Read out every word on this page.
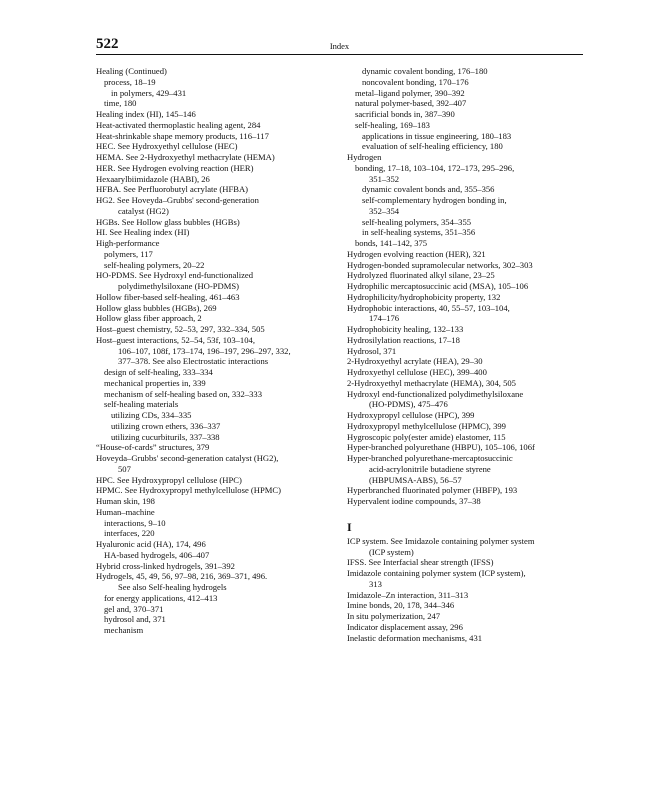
522	Index
Healing (Continued)
process, 18–19
in polymers, 429–431
time, 180
Healing index (HI), 145–146
Heat-activated thermoplastic healing agent, 284
Heat-shrinkable shape memory products, 116–117
HEC. See Hydroxyethyl cellulose (HEC)
HEMA. See 2-Hydroxyethyl methacrylate (HEMA)
HER. See Hydrogen evolving reaction (HER)
Hexaarylbiimidazole (HABI), 26
HFBA. See Perfluorobutyl acrylate (HFBA)
HG2. See Hoveyda–Grubbs' second-generation
catalyst (HG2)
HGBs. See Hollow glass bubbles (HGBs)
HI. See Healing index (HI)
High-performance
polymers, 117
self-healing polymers, 20–22
HO-PDMS. See Hydroxyl end-functionalized
polydimethylsiloxane (HO-PDMS)
Hollow fiber-based self-healing, 461–463
Hollow glass bubbles (HGBs), 269
Hollow glass fiber approach, 2
Host–guest chemistry, 52–53, 297, 332–334, 505
Host–guest interactions, 52–54, 53f, 103–104,
106–107, 108f, 173–174, 196–197, 296–297, 332,
377–378. See also Electrostatic interactions
design of self-healing, 333–334
mechanical properties in, 339
mechanism of self-healing based on, 332–333
self-healing materials
utilizing CDs, 334–335
utilizing crown ethers, 336–337
utilizing cucurbiturils, 337–338
“House-of-cards” structures, 379
Hoveyda–Grubbs' second-generation catalyst (HG2),
507
HPC. See Hydroxypropyl cellulose (HPC)
HPMC. See Hydroxypropyl methylcellulose (HPMC)
Human skin, 198
Human–machine
interactions, 9–10
interfaces, 220
Hyaluronic acid (HA), 174, 496
HA-based hydrogels, 406–407
Hybrid cross-linked hydrogels, 391–392
Hydrogels, 45, 49, 56, 97–98, 216, 369–371, 496.
See also Self-healing hydrogels
for energy applications, 412–413
gel and, 370–371
hydrosol and, 371
mechanism
dynamic covalent bonding, 176–180
noncovalent bonding, 170–176
metal–ligand polymer, 390–392
natural polymer-based, 392–407
sacrificial bonds in, 387–390
self-healing, 169–183
applications in tissue engineering, 180–183
evaluation of self-healing efficiency, 180
Hydrogen
bonding, 17–18, 103–104, 172–173, 295–296,
351–352
dynamic covalent bonds and, 355–356
self-complementary hydrogen bonding in,
352–354
self-healing polymers, 354–355
in self-healing systems, 351–356
bonds, 141–142, 375
Hydrogen evolving reaction (HER), 321
Hydrogen-bonded supramolecular networks, 302–303
Hydrolyzed fluorinated alkyl silane, 23–25
Hydrophilic mercaptosuccinic acid (MSA), 105–106
Hydrophilicity/hydrophobicity property, 132
Hydrophobic interactions, 40, 55–57, 103–104,
174–176
Hydrophobicity healing, 132–133
Hydrosilylation reactions, 17–18
Hydrosol, 371
2-Hydroxyethyl acrylate (HEA), 29–30
Hydroxyethyl cellulose (HEC), 399–400
2-Hydroxyethyl methacrylate (HEMA), 304, 505
Hydroxyl end-functionalized polydimethylsiloxane
(HO-PDMS), 475–476
Hydroxypropyl cellulose (HPC), 399
Hydroxypropyl methylcellulose (HPMC), 399
Hygroscopic poly(ester amide) elastomer, 115
Hyper-branched polyurethane (HBPU), 105–106, 106f
Hyper-branched polyurethane-mercaptosuccinic
acid-acrylonitrile butadiene styrene
(HBPUMSA-ABS), 56–57
Hyperbranched fluorinated polymer (HBFP), 193
Hypervalent iodine compounds, 37–38
I
ICP system. See Imidazole containing polymer system
(ICP system)
IFSS. See Interfacial shear strength (IFSS)
Imidazole containing polymer system (ICP system),
313
Imidazole–Zn interaction, 311–313
Imine bonds, 20, 178, 344–346
In situ polymerization, 247
Indicator displacement assay, 296
Inelastic deformation mechanisms, 431
